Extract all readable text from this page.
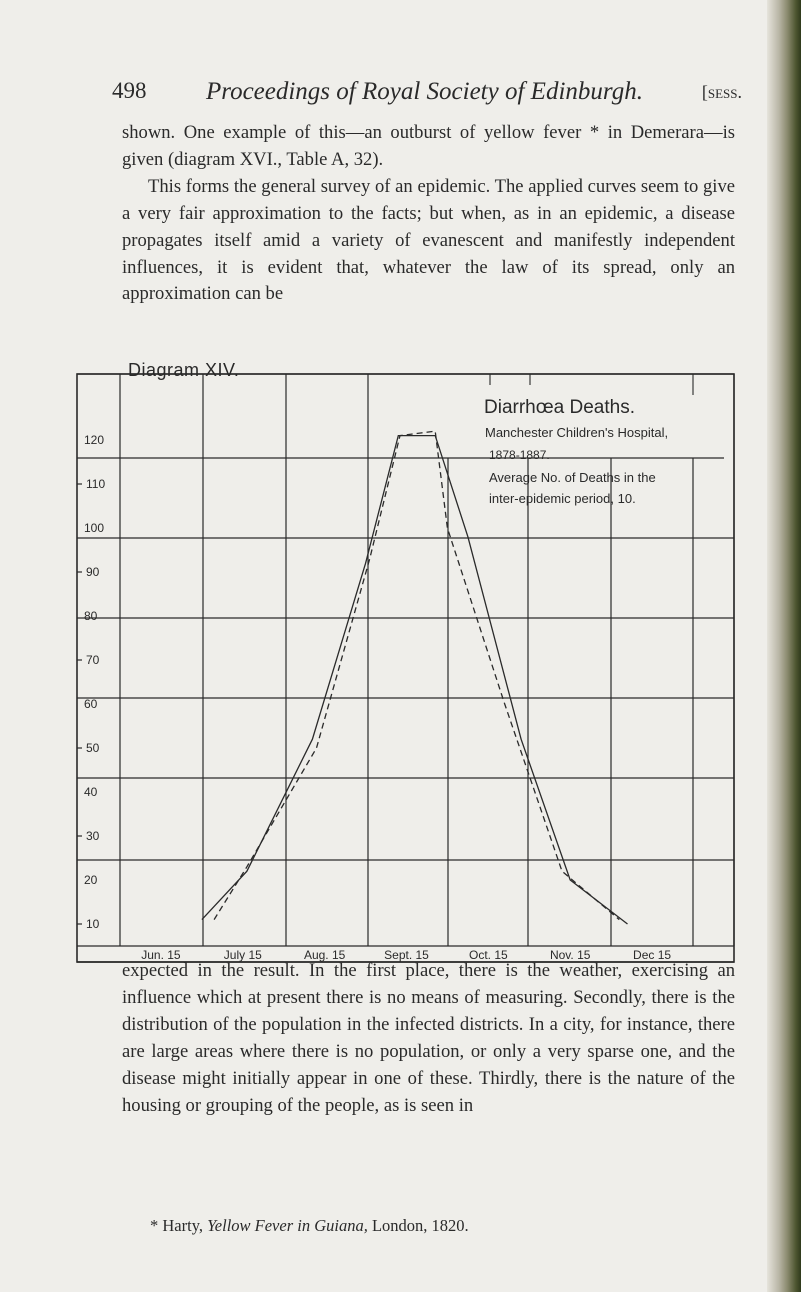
498 Proceedings of Royal Society of Edinburgh.	[sess.

shown. One example of this—an outburst of yellow fever * in Demerara—is given (diagram XVI., Table A, 32).
This forms the general survey of an epidemic. The applied curves seem to give a very fair approximation to the facts; but when, as in an epidemic, a disease propagates itself amid a variety of evanescent and manifestly independent influences, it is evident that, whatever the law of its spread, only an approximation can be

Diagram XIV.
120
110
100
90
80
70
60
50
40
30
20
10
Jun. 15	July 15	Aug. 15	Sept. 15	Oct. 15	Nov. 15	Dec 15
Diarrhœa Deaths.
Manchester Children's Hospital,
1878-1887.
Average No. of Deaths in the
inter-epidemic period, 10.

expected in the result. In the first place, there is the weather, exercising an influence which at present there is no means of measuring. Secondly, there is the distribution of the population in the infected districts. In a city, for instance, there are large areas where there is no population, or only a very sparse one, and the disease might initially appear in one of these. Thirdly, there is the nature of the housing or grouping of the people, as is seen in

* Harty, Yellow Fever in Guiana, London, 1820.
